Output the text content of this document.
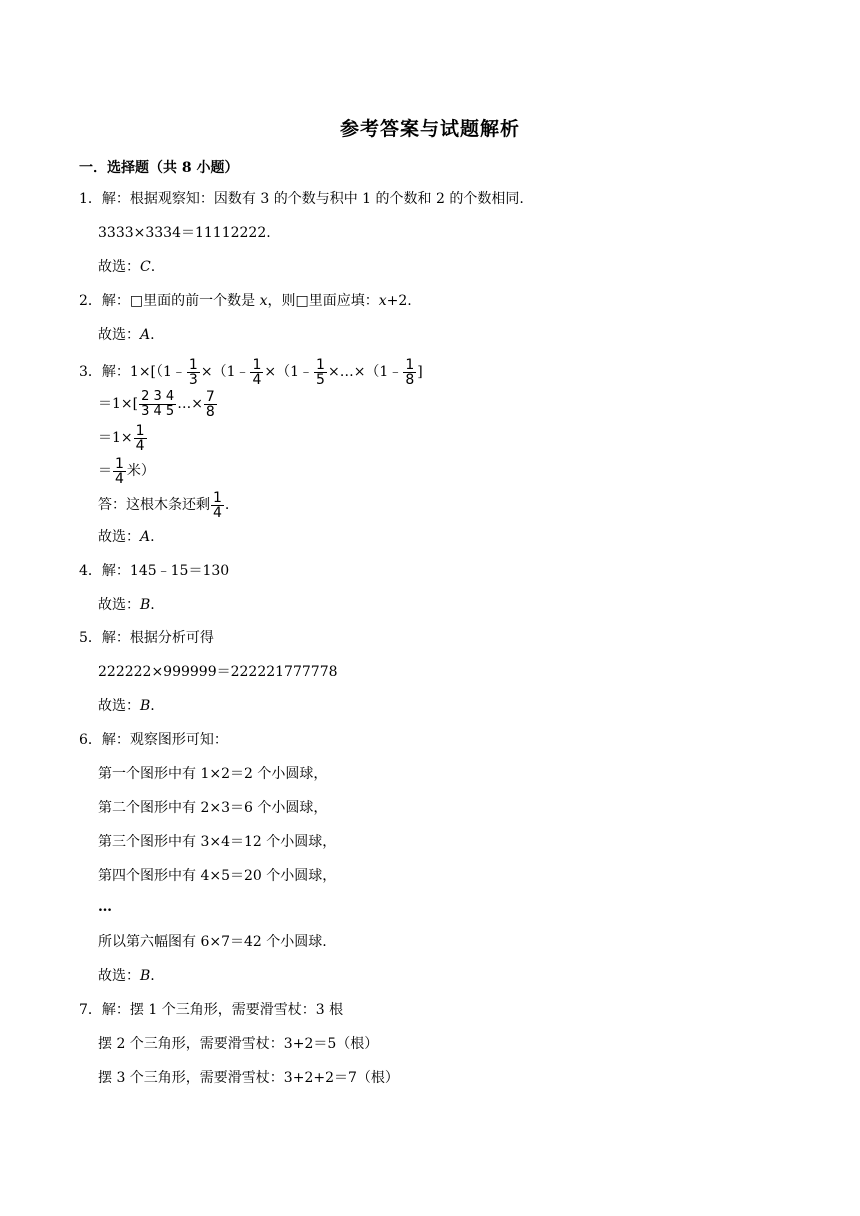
参考答案与试题解析
一．选择题（共 8 小题）
1．解：根据观察知：因数有 3 的个数与积中 1 的个数和 2 的个数相同.
3333×3334＝11112222.
故选：C.
2．解：□里面的前一个数是 x，则□里面应填：x+2.
故选：A.
3．解：1×[（1﹣ $\frac{1}{3}$ ×（1﹣ $\frac{1}{4}$ ×（1﹣ $\frac{1}{5}$ ×…×（1﹣ $\frac{1}{8}$ ]
$=1\times[ \frac{2 3 4}{3 4 5}$ …× $\frac{7}{8}$
$=1\times \frac{1}{4}$
＝ $\frac{1}{4}$ 米）
答：这根木条还剩 $\frac{1}{4}$ .
故选：A.
4．解：145﹣15＝130
故选：B.
5．解：根据分析可得
222222×999999＝222221777778
故选：B.
6．解：观察图形可知：
第一个图形中有 1×2＝2 个小圆球，
第二个图形中有 2×3＝6 个小圆球，
第三个图形中有 3×4＝12 个小圆球，
第四个图形中有 4×5＝20 个小圆球，
…
所以第六幅图有 6×7＝42 个小圆球.
故选：B.
7．解：摆 1 个三角形，需要滑雪杖：3 根
摆 2 个三角形，需要滑雪杖：3+2＝5（根）
摆 3 个三角形，需要滑雪杖：3+2+2＝7（根）
